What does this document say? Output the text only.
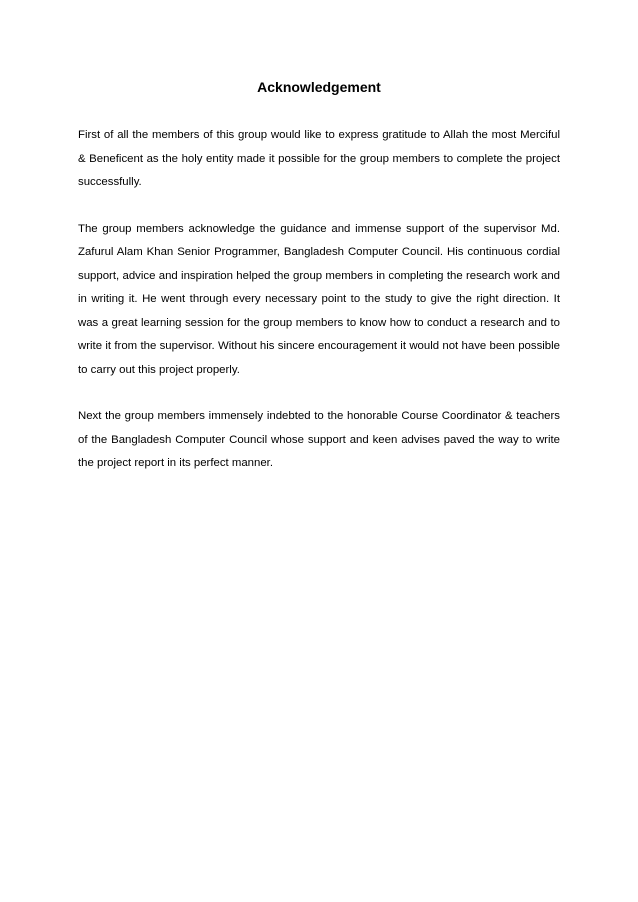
Acknowledgement

First of all the members of this group would like to express gratitude to Allah the most Merciful & Beneficent as the holy entity made it possible for the group members to complete the project successfully.

The group members acknowledge the guidance and immense support of the supervisor Md. Zafurul Alam Khan Senior Programmer, Bangladesh Computer Council. His continuous cordial support, advice and inspiration helped the group members in completing the research work and in writing it. He went through every necessary point to the study to give the right direction. It was a great learning session for the group members to know how to conduct a research and to write it from the supervisor. Without his sincere encouragement it would not have been possible to carry out this project properly.

Next the group members immensely indebted to the honorable Course Coordinator & teachers of the Bangladesh Computer Council whose support and keen advises paved the way to write the project report in its perfect manner.
